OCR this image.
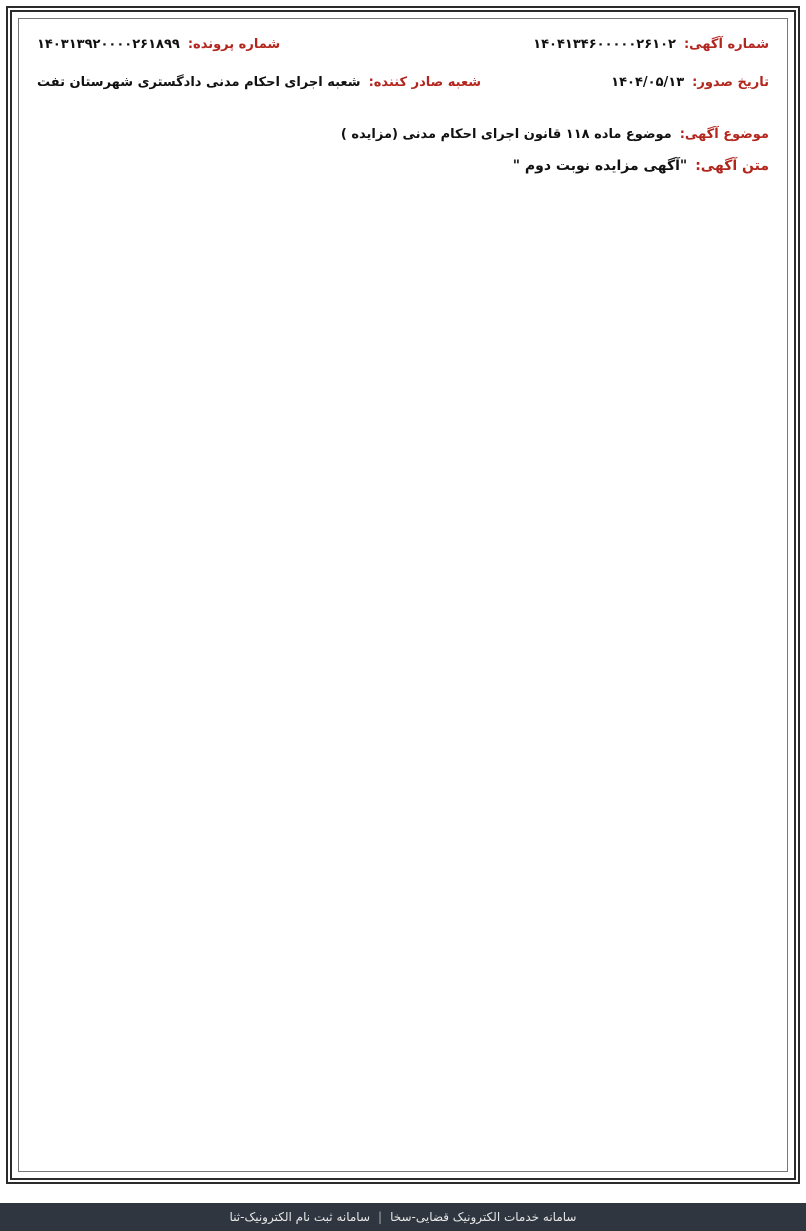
شماره آگهی:
۱۴۰۴۱۳۴۶۰۰۰۰۰۲۶۱۰۲
شماره پرونده:
۱۴۰۳۱۳۹۲۰۰۰۰۲۶۱۸۹۹
تاریخ صدور:
۱۴۰۴/۰۵/۱۳
شعبه صادر کننده:
شعبه اجرای احکام مدنی دادگستری شهرستان تفت
موضوع آگهی:
موضوع ماده ۱۱۸ قانون اجرای احکام مدنی (مزایده )
متن آگهی:
"آگهی مزایده نوبت دوم "

سامانه خدمات الکترونیک قضایی-سخا
|
سامانه ثبت نام الکترونیک-ثنا
